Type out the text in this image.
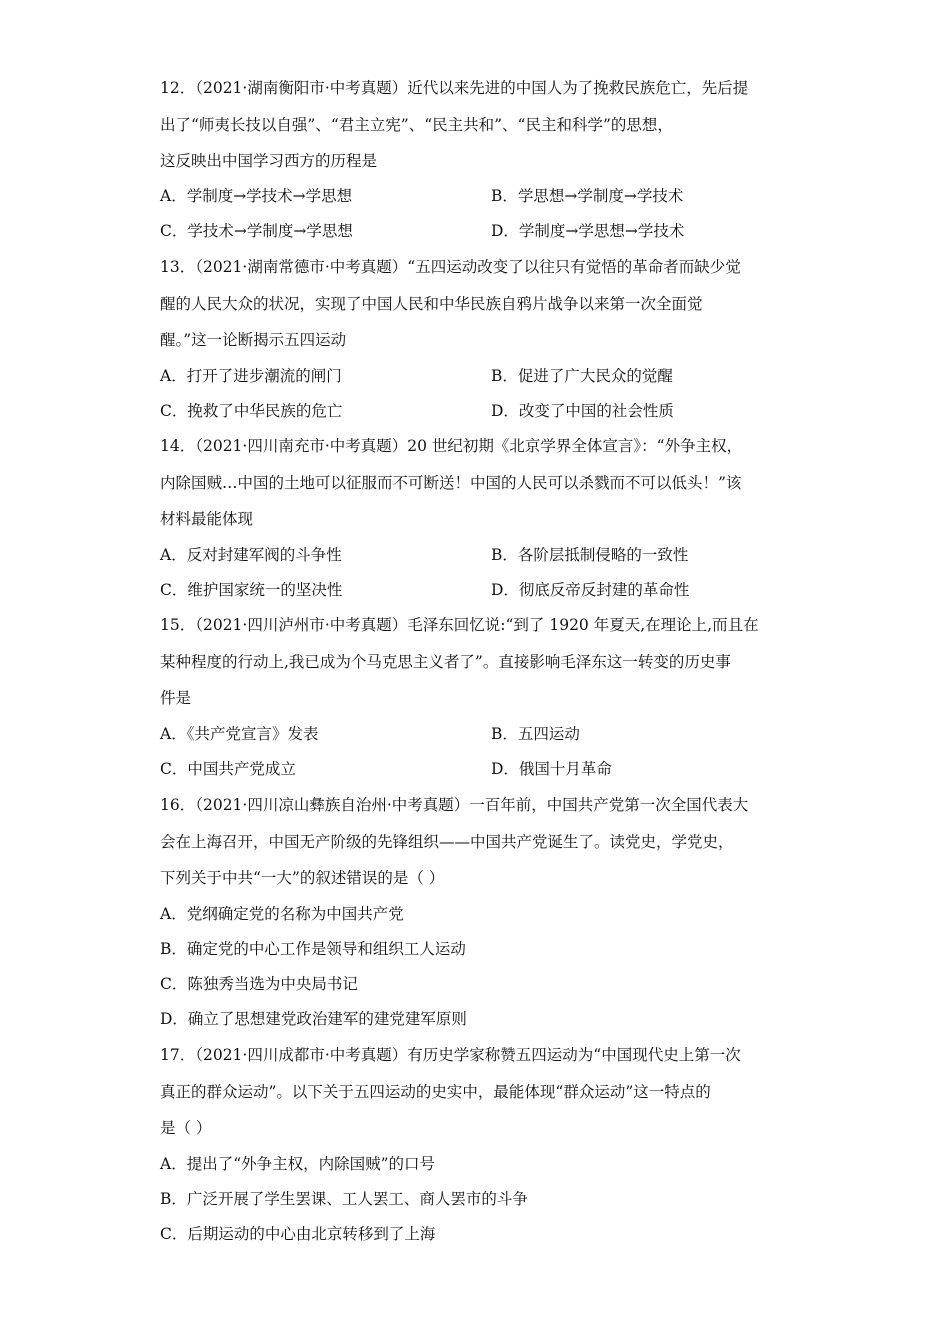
12．（2021·湖南衡阳市·中考真题）近代以来先进的中国人为了挽救民族危亡，先后提
出了“师夷长技以自强”、“君主立宪”、“民主共和”、“民主和科学”的思想，
这反映出中国学习西方的历程是
A．学制度→学技术→学思想	B．学思想→学制度→学技术
C．学技术→学制度→学思想	D．学制度→学思想→学技术
13．（2021·湖南常德市·中考真题）“五四运动改变了以往只有觉悟的革命者而缺少觉
醒的人民大众的状况，实现了中国人民和中华民族自鸦片战争以来第一次全面觉
醒。”这一论断揭示五四运动
A．打开了进步潮流的闸门	B．促进了广大民众的觉醒
C．挽救了中华民族的危亡	D．改变了中国的社会性质
14．（2021·四川南充市·中考真题）20 世纪初期《北京学界全体宣言》：“外争主权，
内除国贼…中国的土地可以征服而不可断送！中国的人民可以杀戮而不可以低头！”该
材料最能体现
A．反对封建军阀的斗争性	B．各阶层抵制侵略的一致性
C．维护国家统一的坚决性	D．彻底反帝反封建的革命性
15．（2021·四川泸州市·中考真题）毛泽东回忆说:“到了 1920 年夏天,在理论上,而且在
某种程度的行动上,我已成为个马克思主义者了”。直接影响毛泽东这一转变的历史事
件是
A．《共产党宣言》发表	B．五四运动
C．中国共产党成立	D．俄国十月革命
16．（2021·四川凉山彝族自治州·中考真题）一百年前，中国共产党第一次全国代表大
会在上海召开，中国无产阶级的先锋组织——中国共产党诞生了。读党史，学党史，
下列关于中共“一大”的叙述错误的是（ ）
A．党纲确定党的名称为中国共产党
B．确定党的中心工作是领导和组织工人运动
C．陈独秀当选为中央局书记
D．确立了思想建党政治建军的建党建军原则
17．（2021·四川成都市·中考真题）有历史学家称赞五四运动为“中国现代史上第一次
真正的群众运动”。以下关于五四运动的史实中，最能体现“群众运动”这一特点的
是（ ）
A．提出了“外争主权，内除国贼”的口号
B．广泛开展了学生罢课、工人罢工、商人罢市的斗争
C．后期运动的中心由北京转移到了上海
